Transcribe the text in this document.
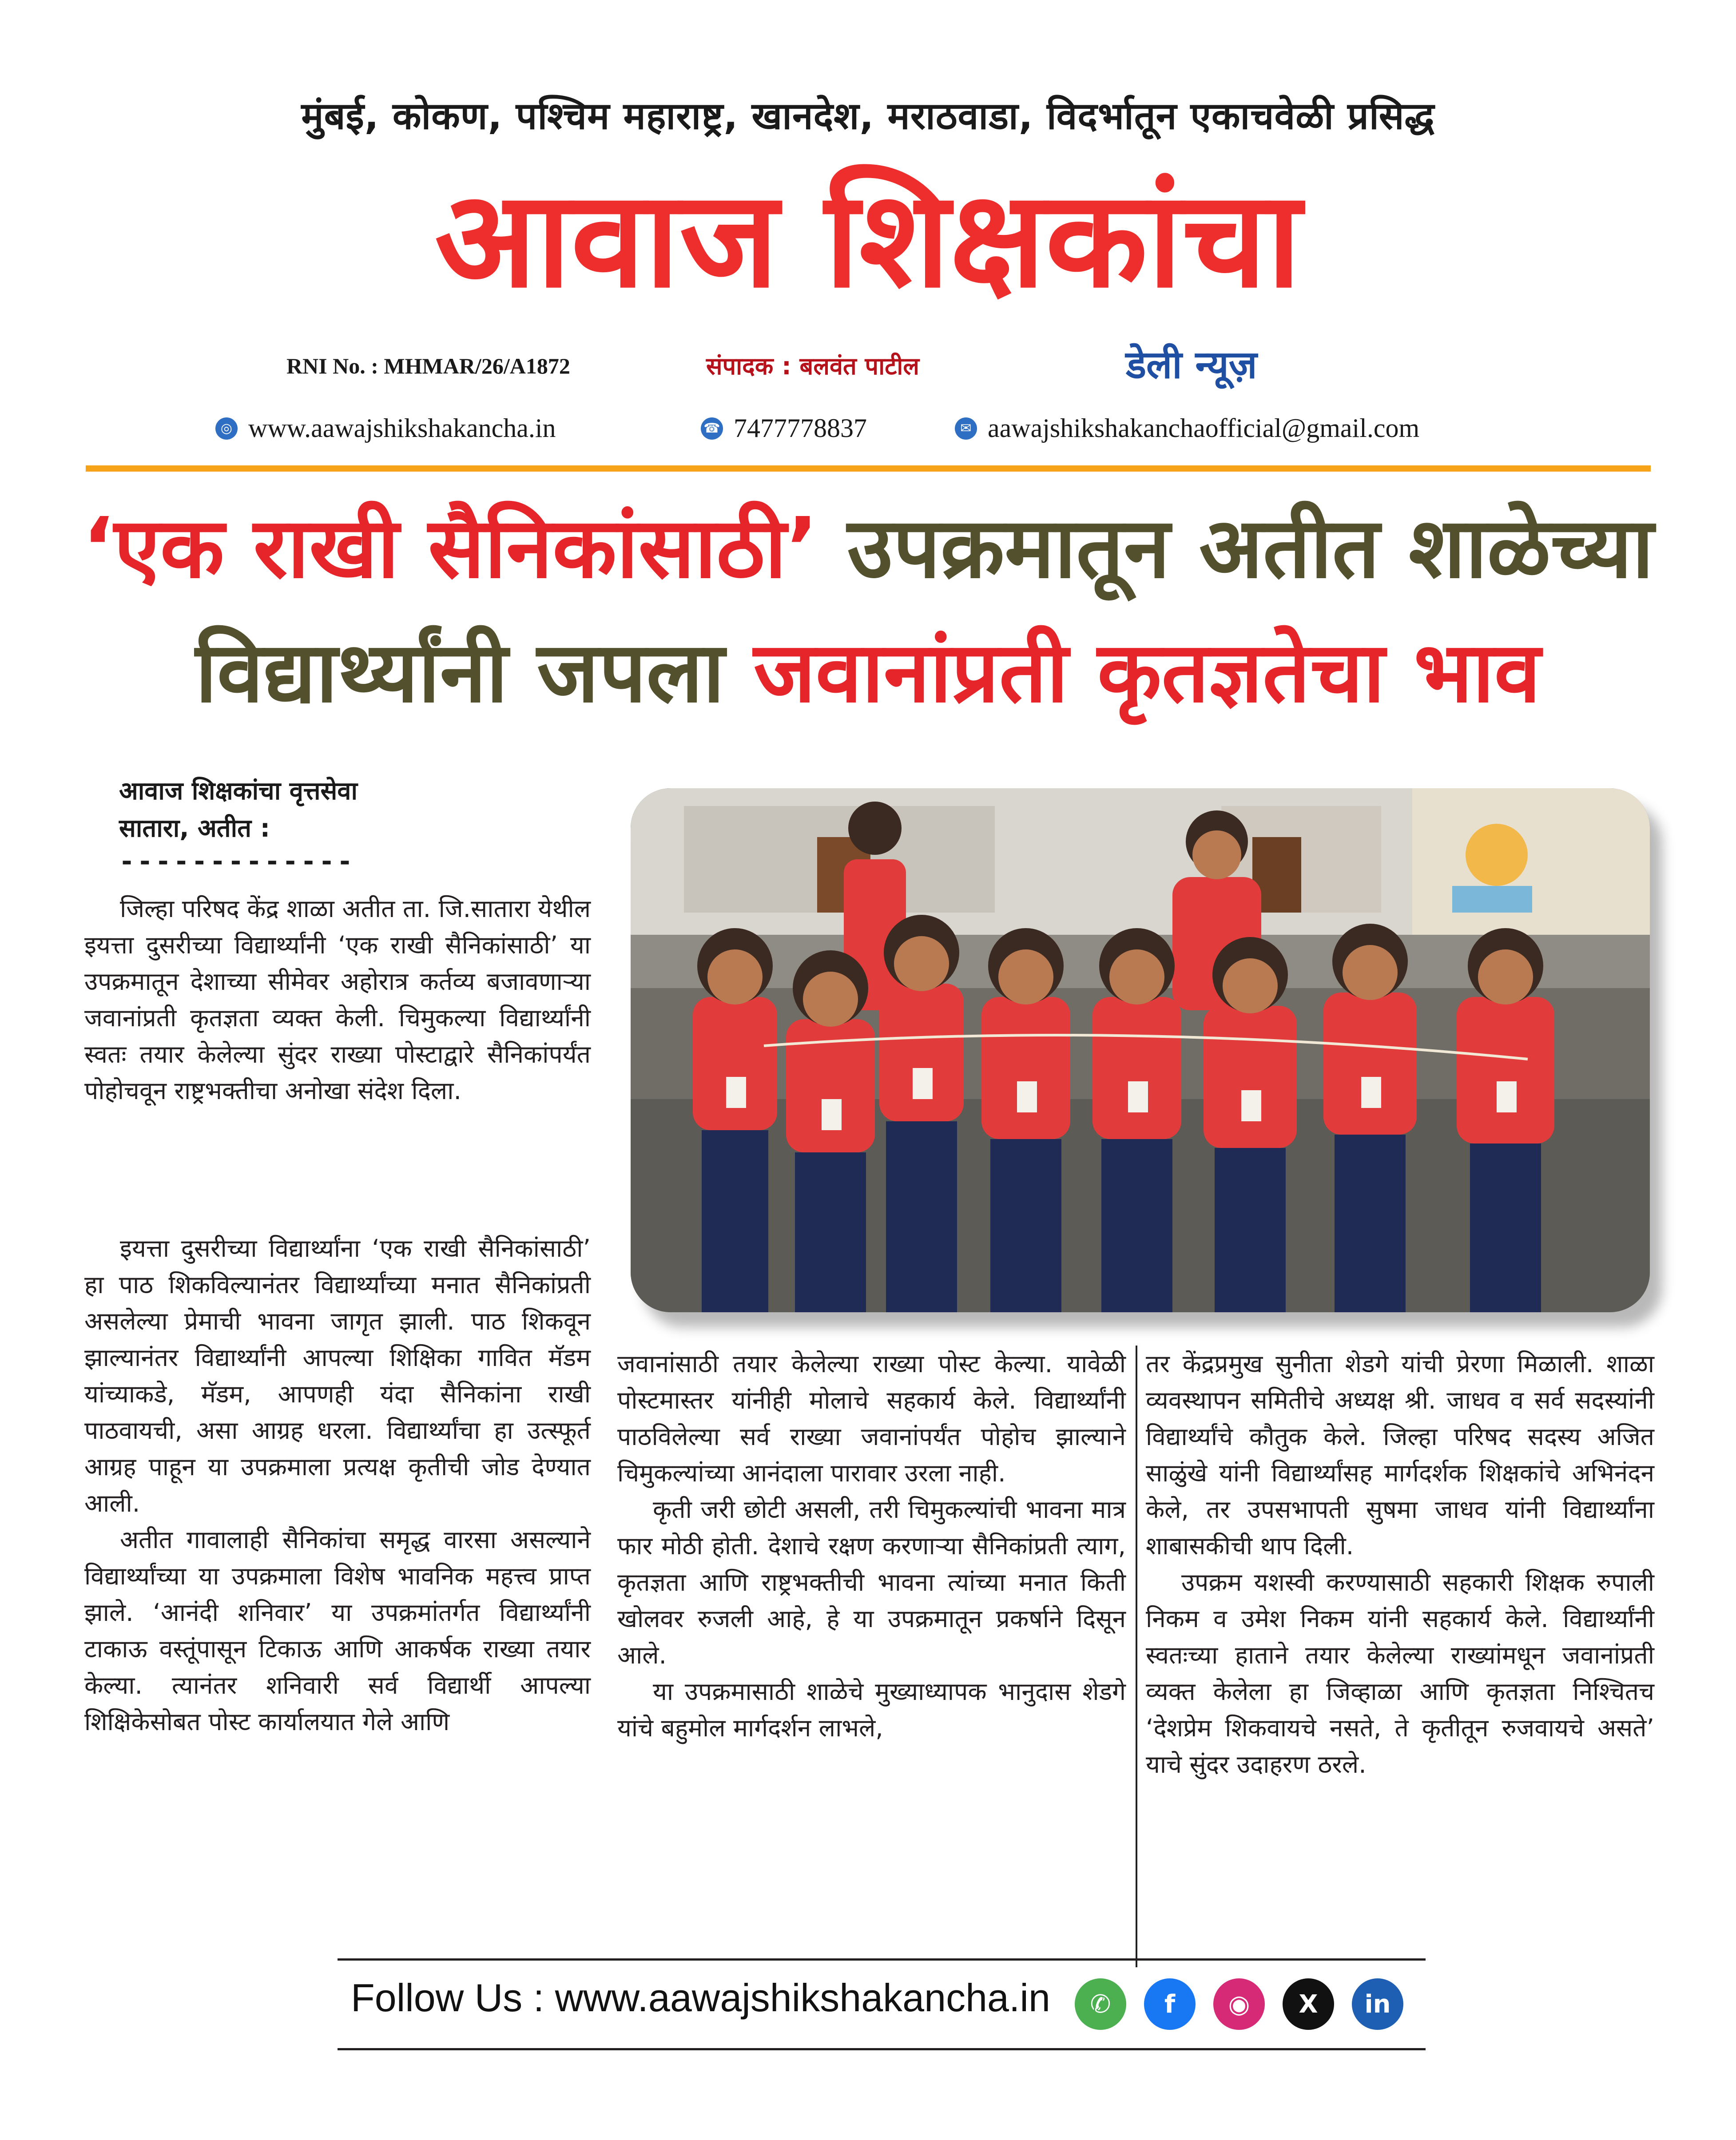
मुंबई, कोकण, पश्चिम महाराष्ट्र, खानदेश, मराठवाडा, विदर्भातून एकाचवेळी प्रसिद्ध
आवाज शिक्षकांचा
RNI No. : MHMAR/26/A1872	संपादक : बलवंत पाटील	डेली न्यूज़
◎ www.aawajshikshakancha.in	☎ 7477778837	✉ aawajshikshakanchaofficial@gmail.com
‘एक राखी सैनिकांसाठी’ उपक्रमातून अतीत शाळेच्या
विद्यार्थ्यांनी जपला जवानांप्रती कृतज्ञतेचा भाव
आवाज शिक्षकांचा वृत्तसेवा
सातारा, अतीत :
-------------

जिल्हा परिषद केंद्र शाळा अतीत ता. जि.सातारा येथील इयत्ता दुसरीच्या विद्यार्थ्यांनी ‘एक राखी सैनिकांसाठी’ या उपक्रमातून देशाच्या सीमेवर अहोरात्र कर्तव्य बजावणाऱ्या जवानांप्रती कृतज्ञता व्यक्त केली. चिमुकल्या विद्यार्थ्यांनी स्वतः तयार केलेल्या सुंदर राख्या पोस्टाद्वारे सैनिकांपर्यंत पोहोचवून राष्ट्रभक्तीचा अनोखा संदेश दिला.

इयत्ता दुसरीच्या विद्यार्थ्यांना ‘एक राखी सैनिकांसाठी’ हा पाठ शिकविल्यानंतर विद्यार्थ्यांच्या मनात सैनिकांप्रती असलेल्या प्रेमाची भावना जागृत झाली. पाठ शिकवून झाल्यानंतर विद्यार्थ्यांनी आपल्या शिक्षिका गावित मॅडम यांच्याकडे, मॅडम, आपणही यंदा सैनिकांना राखी पाठवायची, असा आग्रह धरला. विद्यार्थ्यांचा हा उत्स्फूर्त आग्रह पाहून या उपक्रमाला प्रत्यक्ष कृतीची जोड देण्यात आली.

अतीत गावालाही सैनिकांचा समृद्ध वारसा असल्याने विद्यार्थ्यांच्या या उपक्रमाला विशेष भावनिक महत्त्व प्राप्त झाले. ‘आनंदी शनिवार’ या उपक्रमांतर्गत विद्यार्थ्यांनी टाकाऊ वस्तूंपासून टिकाऊ आणि आकर्षक राख्या तयार केल्या. त्यानंतर शनिवारी सर्व विद्यार्थी आपल्या शिक्षिकेसोबत पोस्ट कार्यालयात गेले आणि

जवानांसाठी तयार केलेल्या राख्या पोस्ट केल्या. यावेळी पोस्टमास्तर यांनीही मोलाचे सहकार्य केले. विद्यार्थ्यांनी पाठविलेल्या सर्व राख्या जवानांपर्यंत पोहोच झाल्याने चिमुकल्यांच्या आनंदाला पारावार उरला नाही.

कृती जरी छोटी असली, तरी चिमुकल्यांची भावना मात्र फार मोठी होती. देशाचे रक्षण करणाऱ्या सैनिकांप्रती त्याग, कृतज्ञता आणि राष्ट्रभक्तीची भावना त्यांच्या मनात किती खोलवर रुजली आहे, हे या उपक्रमातून प्रकर्षाने दिसून आले.

या उपक्रमासाठी शाळेचे मुख्याध्यापक भानुदास शेडगे यांचे बहुमोल मार्गदर्शन लाभले,

तर केंद्रप्रमुख सुनीता शेडगे यांची प्रेरणा मिळाली. शाळा व्यवस्थापन समितीचे अध्यक्ष श्री. जाधव व सर्व सदस्यांनी विद्यार्थ्यांचे कौतुक केले. जिल्हा परिषद सदस्य अजित साळुंखे यांनी विद्यार्थ्यांसह मार्गदर्शक शिक्षकांचे अभिनंदन केले, तर उपसभापती सुषमा जाधव यांनी विद्यार्थ्यांना शाबासकीची थाप दिली.

उपक्रम यशस्वी करण्यासाठी सहकारी शिक्षक रुपाली निकम व उमेश निकम यांनी सहकार्य केले. विद्यार्थ्यांनी स्वतःच्या हाताने तयार केलेल्या राख्यांमधून जवानांप्रती व्यक्त केलेला हा जिव्हाळा आणि कृतज्ञता निश्चितच ‘देशप्रेम शिकवायचे नसते, ते कृतीतून रुजवायचे असते’ याचे सुंदर उदाहरण ठरले.

Follow Us : www.aawajshikshakancha.in	✆	f	◉	X	in
